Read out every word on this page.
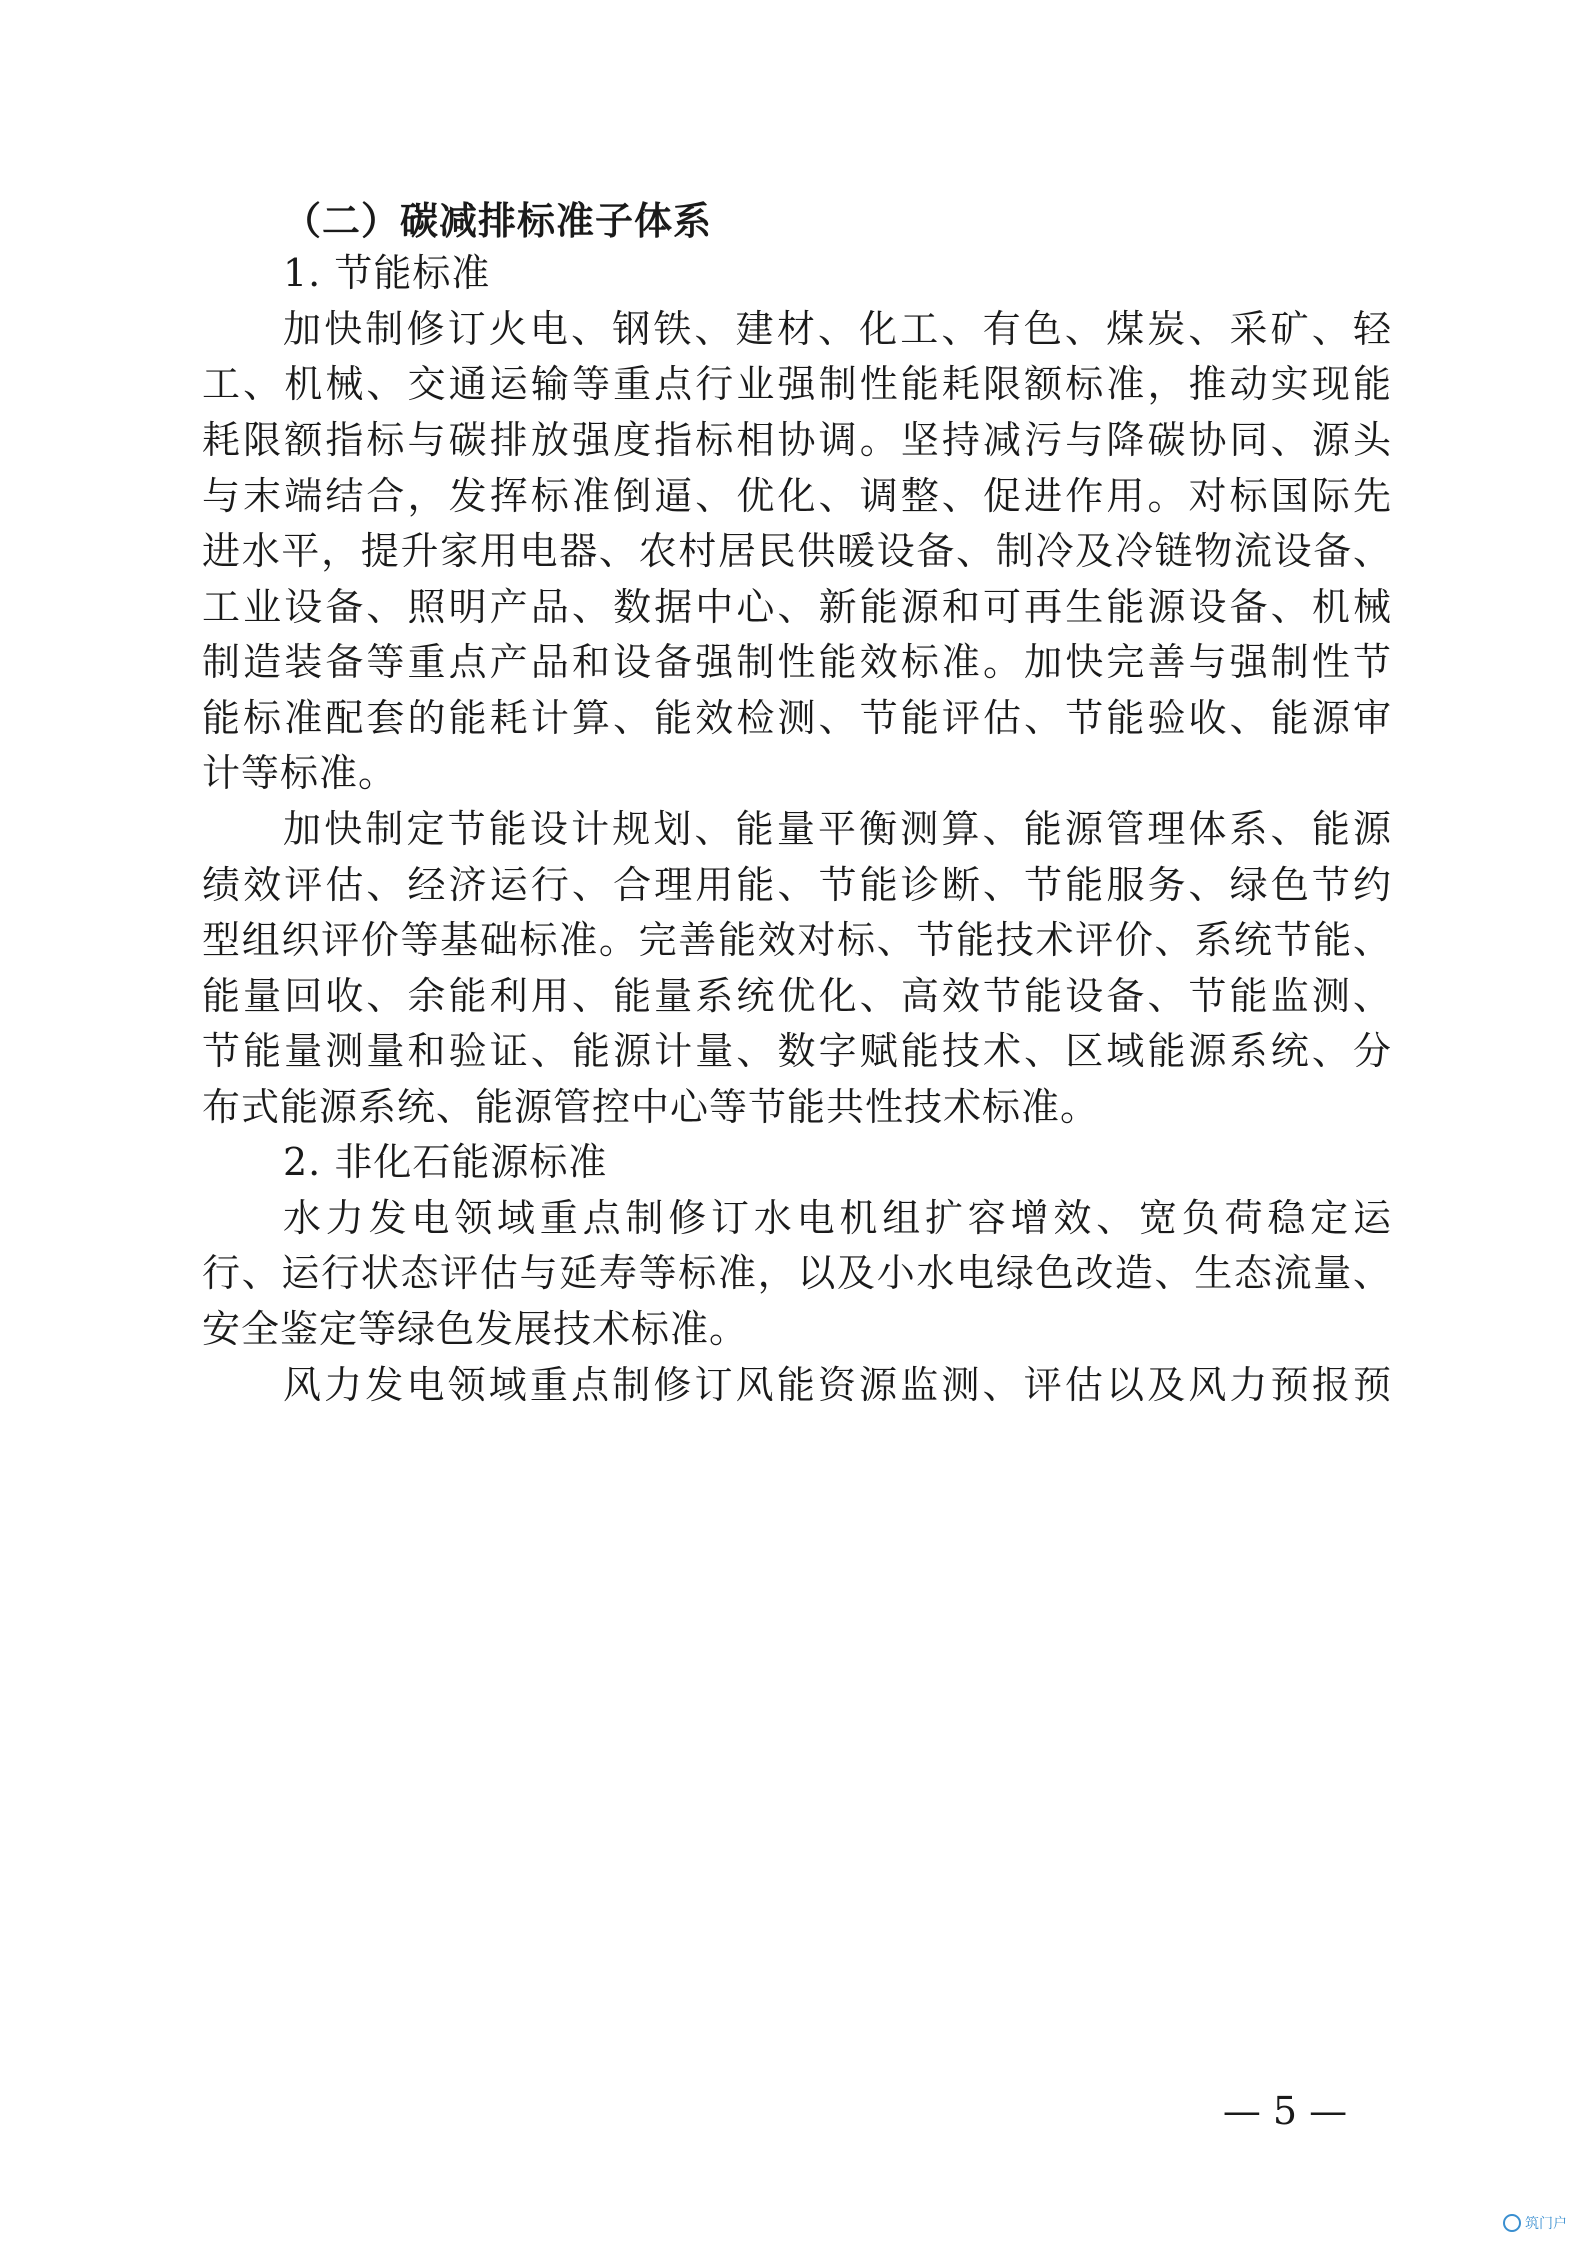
（二）碳减排标准子体系
1. 节能标准
加快制修订火电、钢铁、建材、化工、有色、煤炭、采矿、轻
工、机械、交通运输等重点行业强制性能耗限额标准，推动实现能
耗限额指标与碳排放强度指标相协调。坚持减污与降碳协同、源头
与末端结合，发挥标准倒逼、优化、调整、促进作用。对标国际先
进水平，提升家用电器、农村居民供暖设备、制冷及冷链物流设备、
工业设备、照明产品、数据中心、新能源和可再生能源设备、机械
制造装备等重点产品和设备强制性能效标准。加快完善与强制性节
能标准配套的能耗计算、能效检测、节能评估、节能验收、能源审
计等标准。
加快制定节能设计规划、能量平衡测算、能源管理体系、能源
绩效评估、经济运行、合理用能、节能诊断、节能服务、绿色节约
型组织评价等基础标准。完善能效对标、节能技术评价、系统节能、
能量回收、余能利用、能量系统优化、高效节能设备、节能监测、
节能量测量和验证、能源计量、数字赋能技术、区域能源系统、分
布式能源系统、能源管控中心等节能共性技术标准。
2. 非化石能源标准
水力发电领域重点制修订水电机组扩容增效、宽负荷稳定运
行、运行状态评估与延寿等标准，以及小水电绿色改造、生态流量、
安全鉴定等绿色发展技术标准。
风力发电领域重点制修订风能资源监测、评估以及风力预报预
— 5 —
筑门户
